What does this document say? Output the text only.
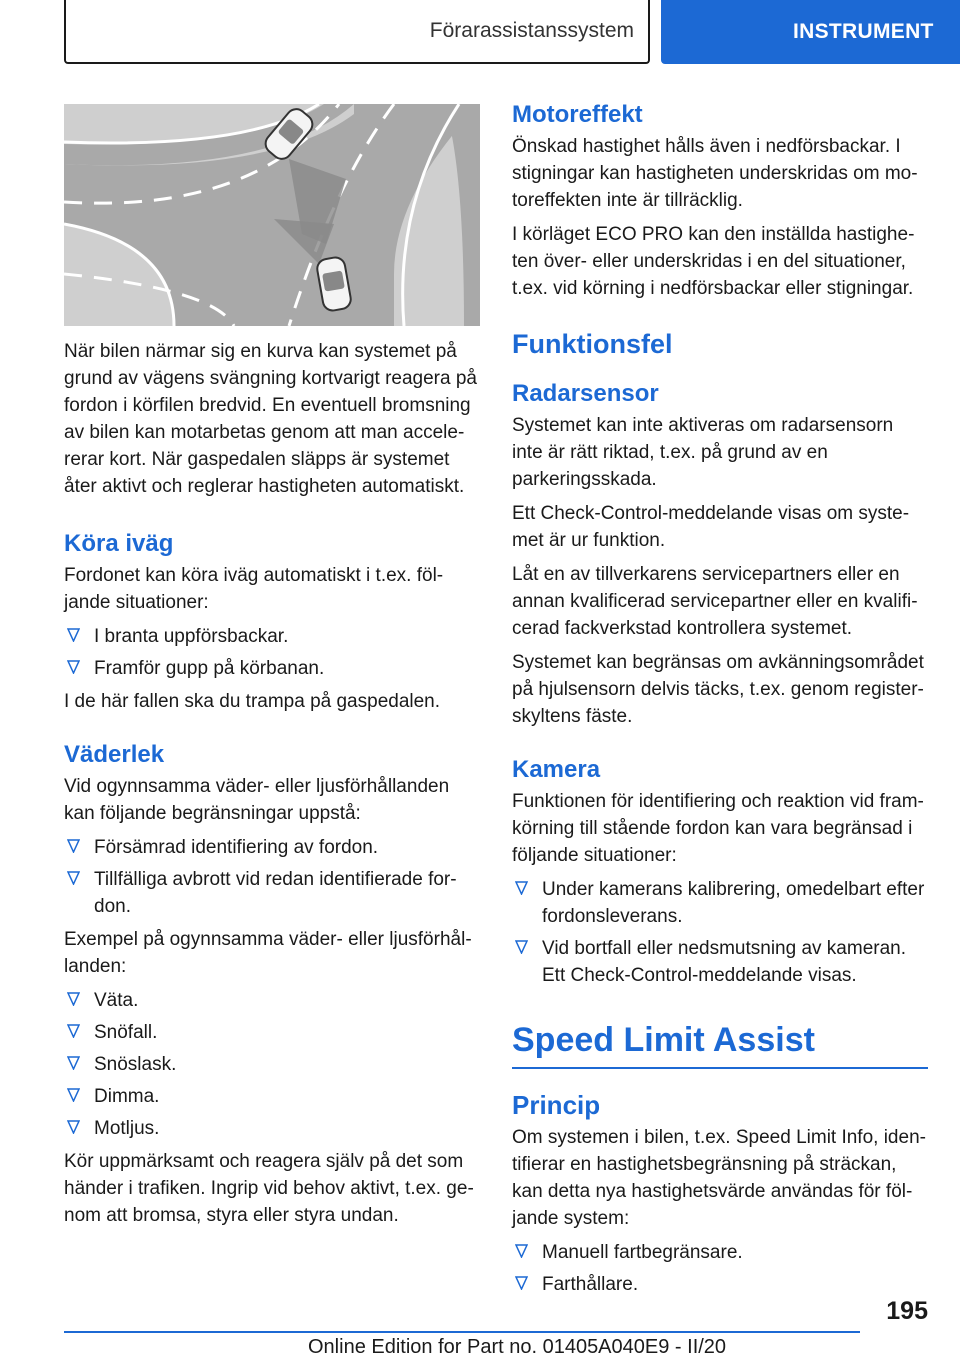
Förarassistanssystem	INSTRUMENT

När bilen närmar sig en kurva kan systemet på grund av vägens svängning kortvarigt reagera på fordon i körfilen bredvid. En eventuell bromsning av bilen kan motarbetas genom att man accelererar kort. När gaspedalen släpps är systemet åter aktivt och reglerar hastigheten automatiskt.

Köra iväg

Fordonet kan köra iväg automatiskt i t.ex. följande situationer:

I branta uppförsbackar.
Framför gupp på körbanan.

I de här fallen ska du trampa på gaspedalen.

Väderlek

Vid ogynnsamma väder- eller ljusförhållanden kan följande begränsningar uppstå:

Försämrad identifiering av fordon.
Tillfälliga avbrott vid redan identifierade fordon.

Exempel på ogynnsamma väder- eller ljusförhållanden:

Väta.
Snöfall.
Snöslask.
Dimma.
Motljus.

Kör uppmärksamt och reagera själv på det som händer i trafiken. Ingrip vid behov aktivt, t.ex. genom att bromsa, styra eller styra undan.

Motoreffekt

Önskad hastighet hålls även i nedförsbackar. I stigningar kan hastigheten underskridas om motoreffekten inte är tillräcklig.

I körläget ECO PRO kan den inställda hastigheten över- eller underskridas i en del situationer, t.ex. vid körning i nedförsbackar eller stigningar.

Funktionsfel
Radarsensor

Systemet kan inte aktiveras om radarsensorn inte är rätt riktad, t.ex. på grund av en parkeringsskada.

Ett Check-Control-meddelande visas om systemet är ur funktion.

Låt en av tillverkarens servicepartners eller en annan kvalificerad servicepartner eller en kvalificerad fackverkstad kontrollera systemet.

Systemet kan begränsas om avkänningsområdet på hjulsensorn delvis täcks, t.ex. genom registerskyltens fäste.

Kamera

Funktionen för identifiering och reaktion vid framkörning till stående fordon kan vara begränsad i följande situationer:

Under kamerans kalibrering, omedelbart efter fordonsleverans.
Vid bortfall eller nedsmutsning av kameran. Ett Check-Control-meddelande visas.
Speed Limit Assist
Princip

Om systemen i bilen, t.ex. Speed Limit Info, identifierar en hastighetsbegränsning på sträckan, kan detta nya hastighetsvärde användas för följande system:

Manuell fartbegränsare.
Farthållare.
195
Online Edition for Part no. 01405A040E9 - II/20
